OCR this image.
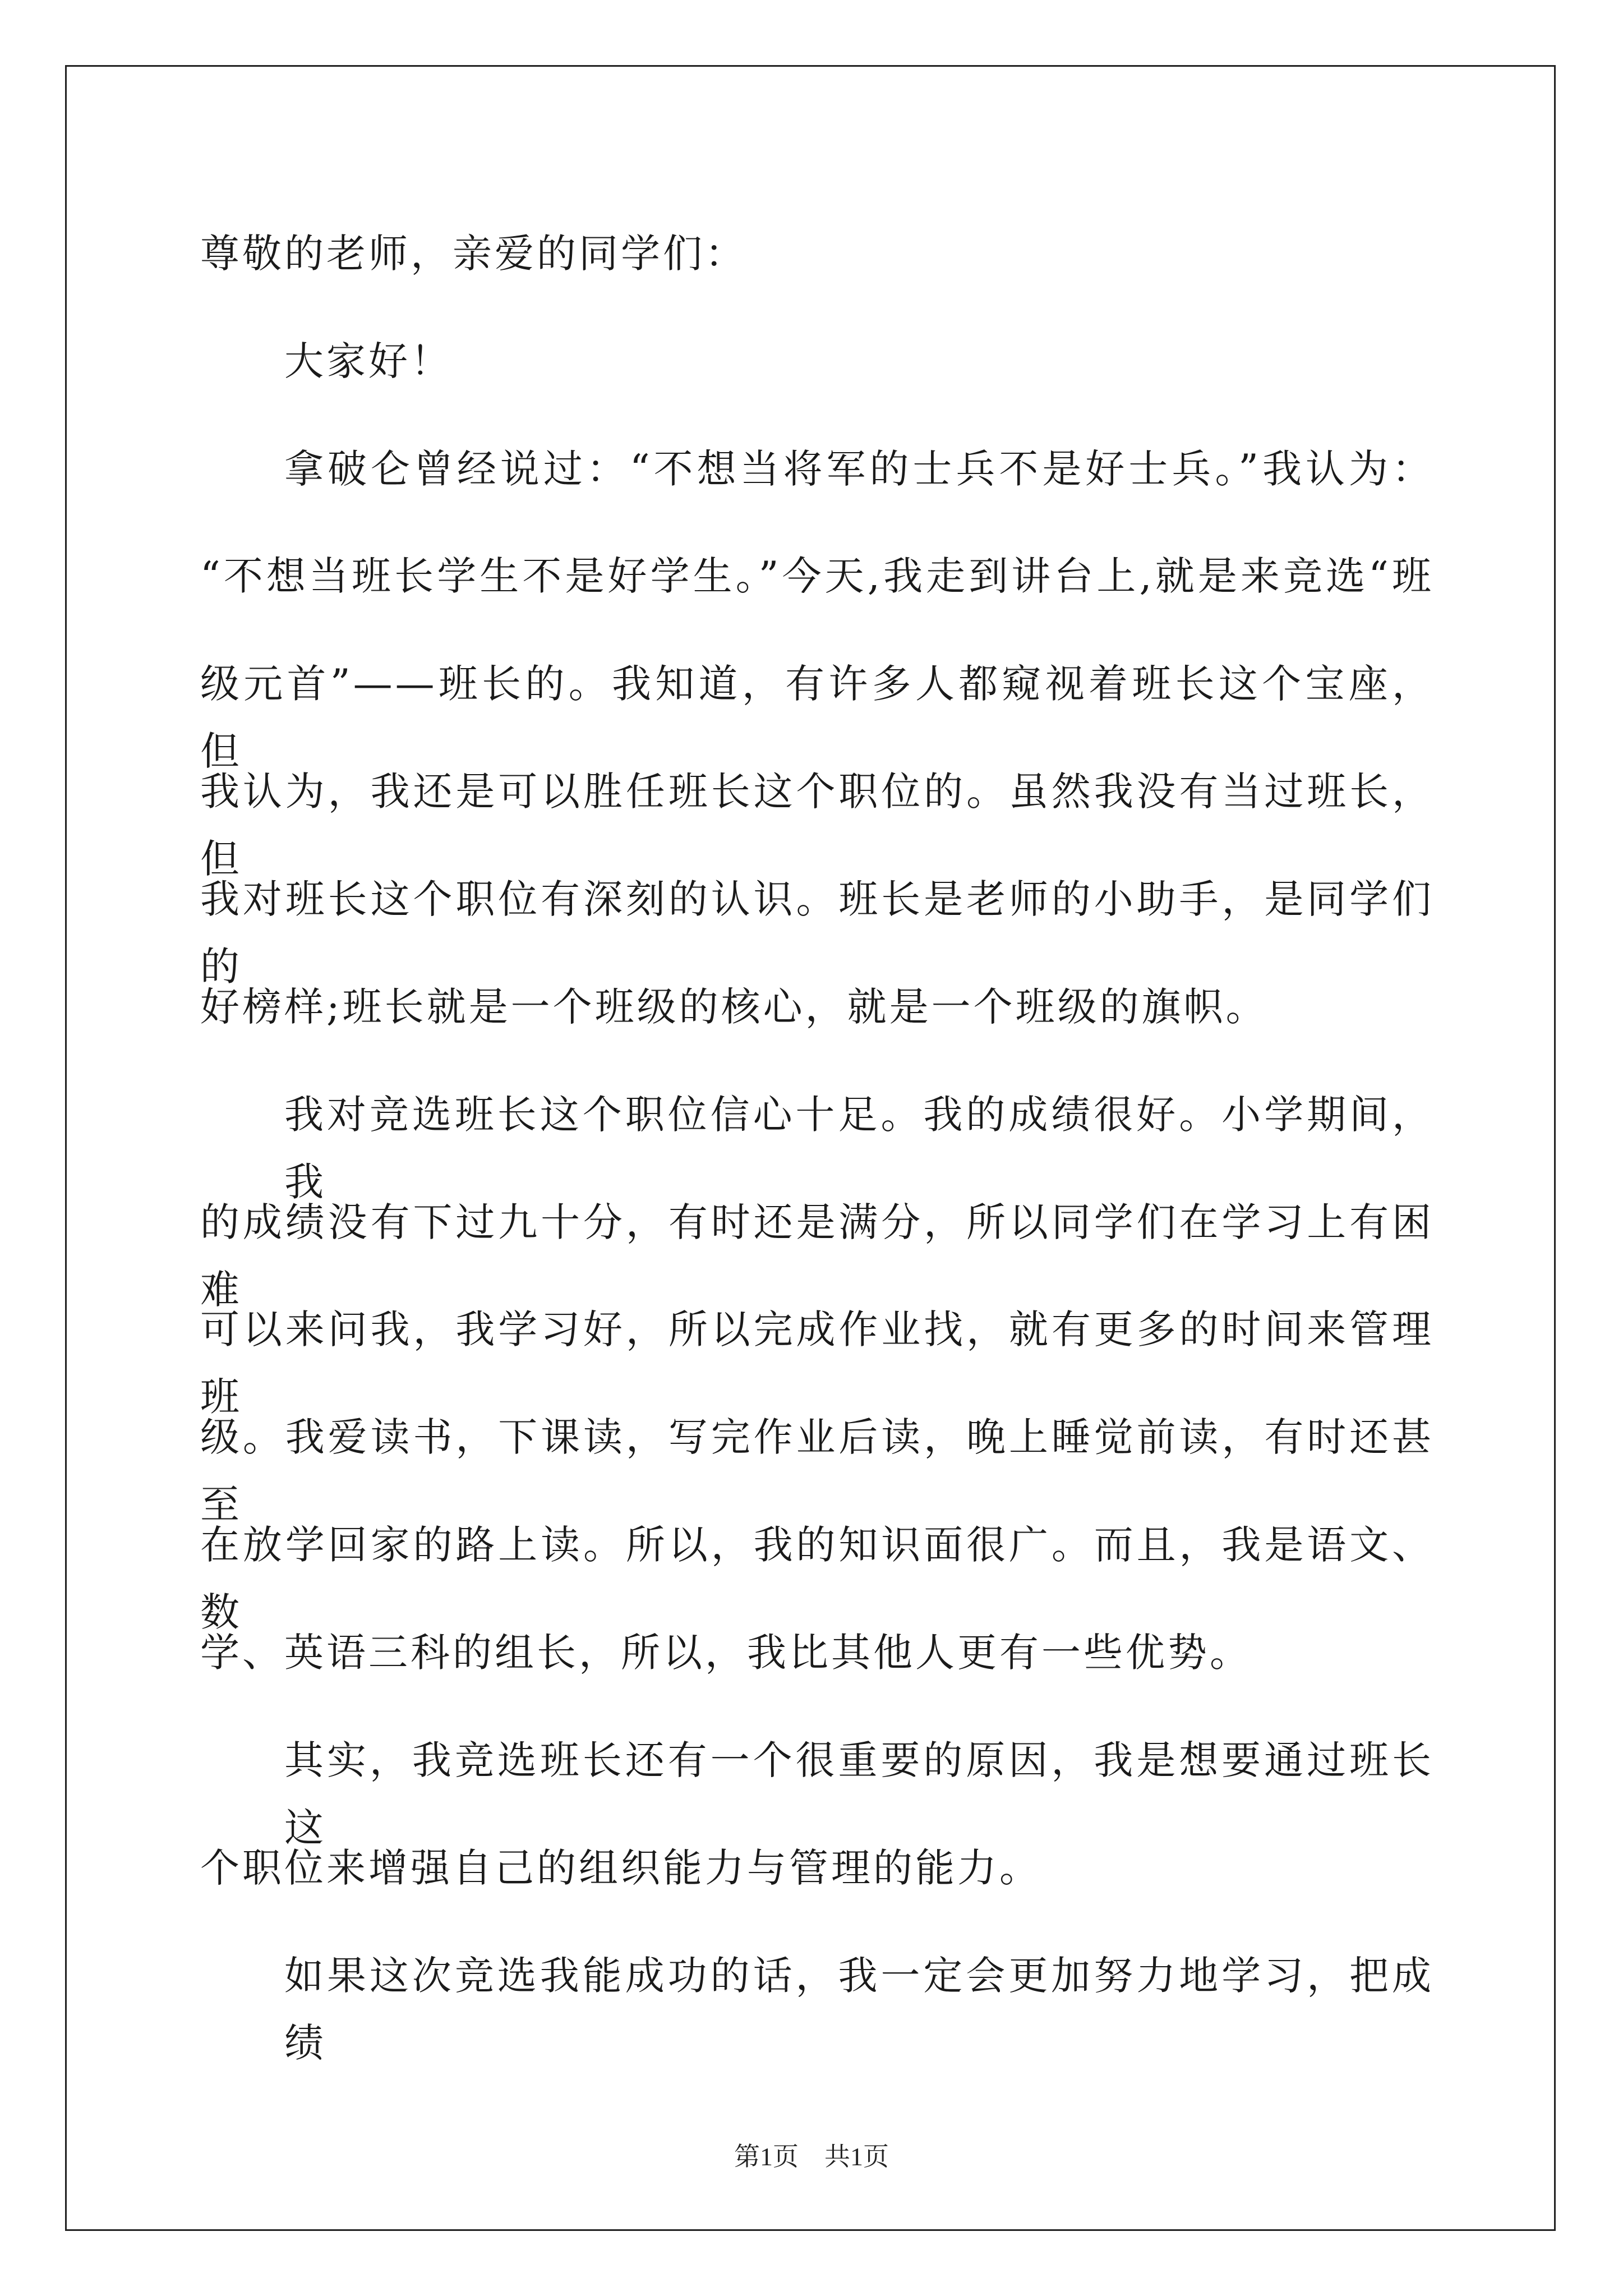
尊敬的老师，亲爱的同学们：
大家好！
拿破仑曾经说过：“不想当将军的士兵不是好士兵。”我认为：
“不想当班长学生不是好学生。”今天,我走到讲台上,就是来竞选“班
级元首”——班长的。我知道，有许多人都窥视着班长这个宝座，但
我认为，我还是可以胜任班长这个职位的。虽然我没有当过班长，但
我对班长这个职位有深刻的认识。班长是老师的小助手，是同学们的
好榜样;班长就是一个班级的核心，就是一个班级的旗帜。
我对竞选班长这个职位信心十足。我的成绩很好。小学期间，我
的成绩没有下过九十分，有时还是满分，所以同学们在学习上有困难
可以来问我，我学习好，所以完成作业找，就有更多的时间来管理班
级。我爱读书，下课读，写完作业后读，晚上睡觉前读，有时还甚至
在放学回家的路上读。所以，我的知识面很广。而且，我是语文、数
学、英语三科的组长，所以，我比其他人更有一些优势。
其实，我竞选班长还有一个很重要的原因，我是想要通过班长这
个职位来增强自己的组织能力与管理的能力。
如果这次竞选我能成功的话，我一定会更加努力地学习，把成绩
第1页　共1页
